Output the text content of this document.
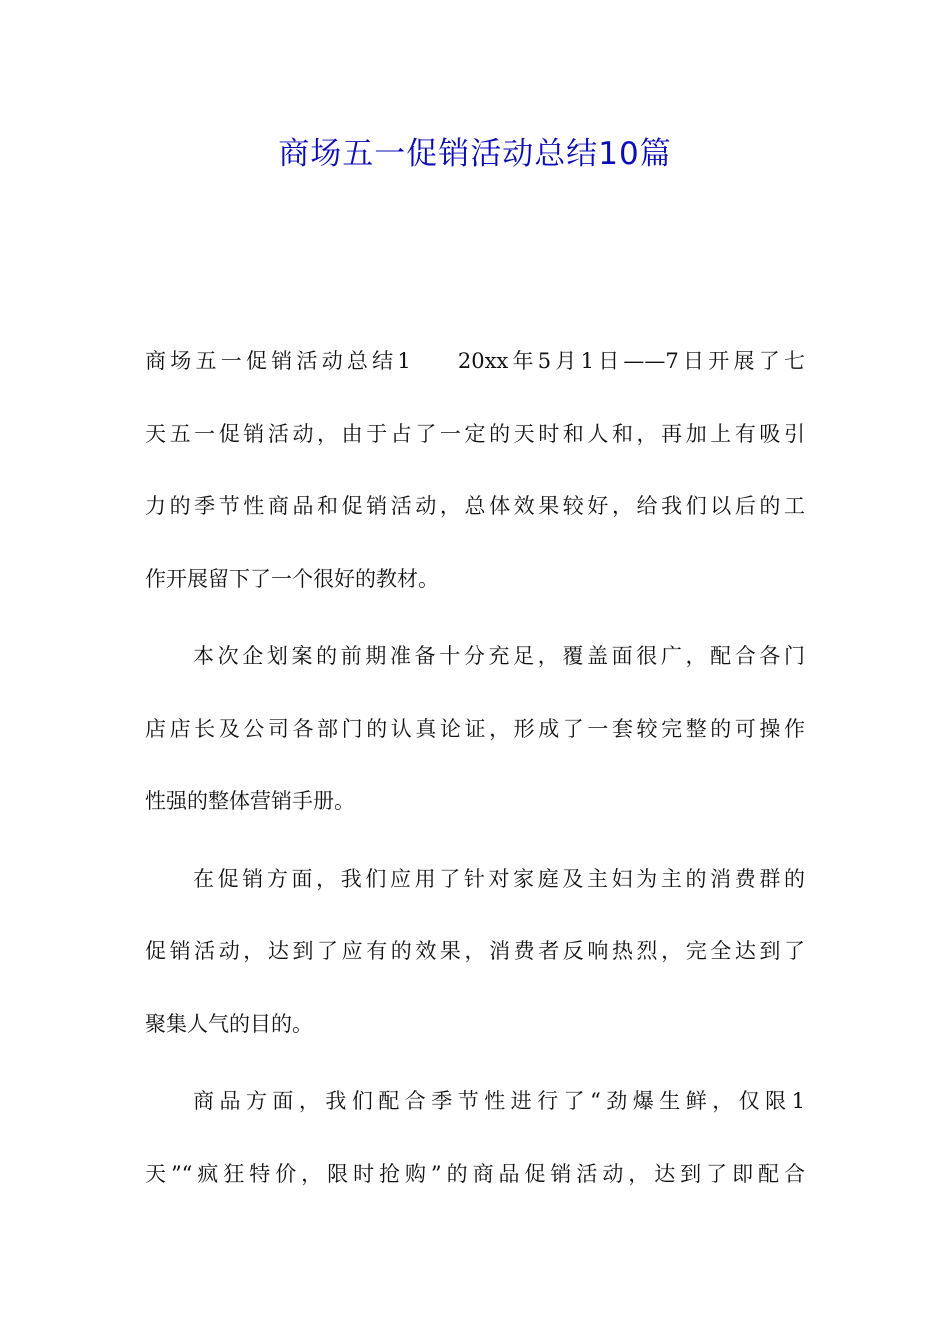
商场五一促销活动总结10篇
商场五一促销活动总结1 　 20xx年5月1日——7日开展了七
天五一促销活动，由于占了一定的天时和人和，再加上有吸引
力的季节性商品和促销活动，总体效果较好，给我们以后的工
作开展留下了一个很好的教材。
本次企划案的前期准备十分充足，覆盖面很广，配合各门
店店长及公司各部门的认真论证，形成了一套较完整的可操作
性强的整体营销手册。
在促销方面，我们应用了针对家庭及主妇为主的消费群的
促销活动，达到了应有的效果，消费者反响热烈，完全达到了
聚集人气的目的。
商品方面，我们配合季节性进行了“劲爆生鲜，仅限1
天”“疯狂特价，限时抢购”的商品促销活动，达到了即配合
